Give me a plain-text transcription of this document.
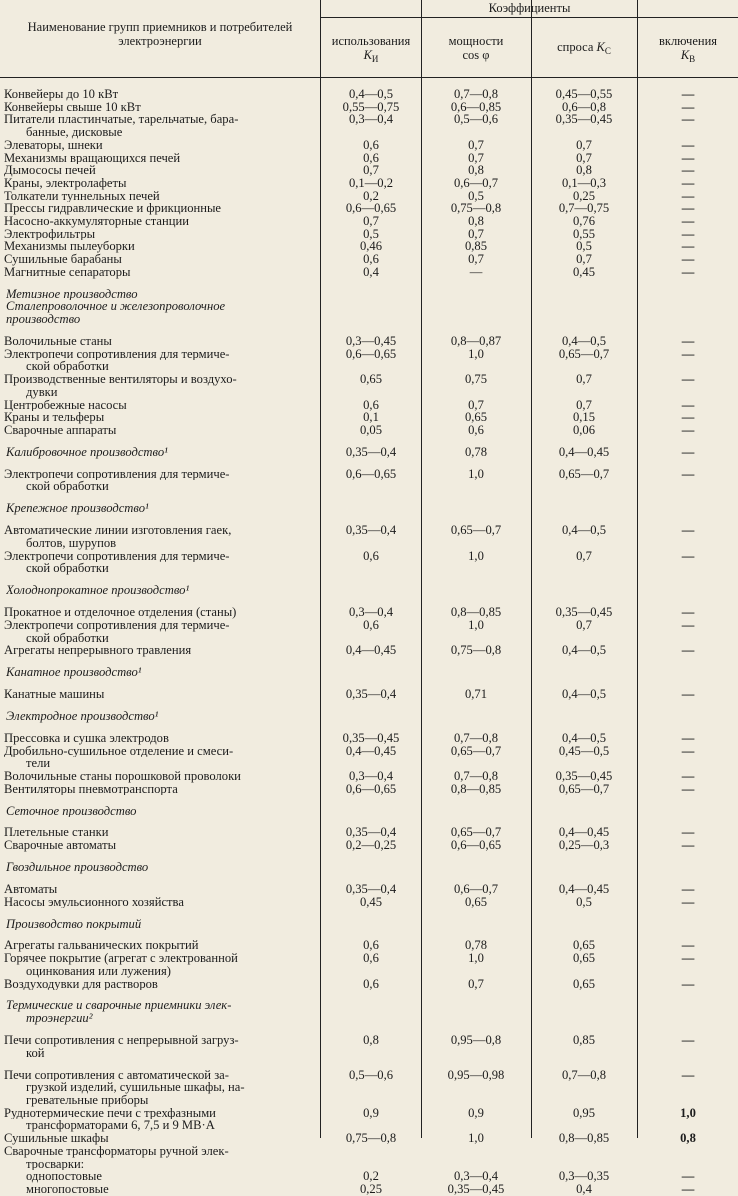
Наименование групп приемников и потребителей электроэнергии
Коэффициенты
использования
$К_И$
мощности
cos φ
спроса $К_С$
включения
$К_В$
Конвейеры до 10 кВт	0,4—0,5	0,7—0,8	0,45—0,55	—
Конвейеры свыше 10 кВт	0,55—0,75	0,6—0,85	0,6—0,8	—
Питатели пластинчатые, тарельчатые, бара-	0,3—0,4	0,5—0,6	0,35—0,45	—
банные, дисковые
Элеваторы, шнеки	0,6	0,7	0,7	—
Механизмы вращающихся печей	0,6	0,7	0,7	—
Дымососы печей	0,7	0,8	0,8	—
Краны, электролафеты	0,1—0,2	0,6—0,7	0,1—0,3	—
Толкатели туннельных печей	0,2	0,5	0,25	—
Прессы гидравлические и фрикционные	0,6—0,65	0,75—0,8	0,7—0,75	—
Насосно-аккумуляторные станции	0,7	0,8	0,76	—
Электрофильтры	0,5	0,7	0,55	—
Механизмы пылеуборки	0,46	0,85	0,5	—
Сушильные барабаны	0,6	0,7	0,7	—
Магнитные сепараторы	0,4	—	0,45	—
Метизное производство
Сталепроволочное и железопроволочное
производство
Волочильные станы	0,3—0,45	0,8—0,87	0,4—0,5	—
Электропечи сопротивления для термиче-	0,6—0,65	1,0	0,65—0,7	—
ской обработки
Производственные вентиляторы и воздухо-	0,65	0,75	0,7	—
дувки
Центробежные насосы	0,6	0,7	0,7	—
Краны и тельферы	0,1	0,65	0,15	—
Сварочные аппараты	0,05	0,6	0,06	—
Калибровочное производство¹	0,35—0,4	0,78	0,4—0,45	—
Электропечи сопротивления для термиче-	0,6—0,65	1,0	0,65—0,7	—
ской обработки
Крепежное производство¹
Автоматические линии изготовления гаек,	0,35—0,4	0,65—0,7	0,4—0,5	—
болтов, шурупов
Электропечи сопротивления для термиче-	0,6	1,0	0,7	—
ской обработки
Холоднопрокатное производство¹
Прокатное и отделочное отделения (станы)	0,3—0,4	0,8—0,85	0,35—0,45	—
Электропечи сопротивления для термиче-	0,6	1,0	0,7	—
ской обработки
Агрегаты непрерывного травления	0,4—0,45	0,75—0,8	0,4—0,5	—
Канатное производство¹
Канатные машины	0,35—0,4	0,71	0,4—0,5	—
Электродное производство¹
Прессовка и сушка электродов	0,35—0,45	0,7—0,8	0,4—0,5	—
Дробильно-сушильное отделение и смеси-	0,4—0,45	0,65—0,7	0,45—0,5	—
тели
Волочильные станы порошковой проволоки	0,3—0,4	0,7—0,8	0,35—0,45	—
Вентиляторы пневмотранспорта	0,6—0,65	0,8—0,85	0,65—0,7	—
Сеточное производство
Плетельные станки	0,35—0,4	0,65—0,7	0,4—0,45	—
Сварочные автоматы	0,2—0,25	0,6—0,65	0,25—0,3	—
Гвоздильное производство
Автоматы	0,35—0,4	0,6—0,7	0,4—0,45	—
Насосы эмульсионного хозяйства	0,45	0,65	0,5	—
Производство покрытий
Агрегаты гальванических покрытий	0,6	0,78	0,65	—
Горячее покрытие (агрегат с электрованной	0,6	1,0	0,65	—
оцинкования или лужения)
Воздуходувки для растворов	0,6	0,7	0,65	—
Термические и сварочные приемники элек-
троэнергии²
Печи сопротивления с непрерывной загруз-	0,8	0,95—0,8	0,85	—
кой
Печи сопротивления с автоматической за-	0,5—0,6	0,95—0,98	0,7—0,8	—
грузкой изделий, сушильные шкафы, на-
гревательные приборы
Руднотермические печи с трехфазными	0,9	0,9	0,95	1,0
трансформаторами 6, 7,5 и 9 МВ·А
Сушильные шкафы	0,75—0,8	1,0	0,8—0,85	0,8
Сварочные трансформаторы ручной элек-
тросварки:
однопостовые	0,2	0,3—0,4	0,3—0,35	—
многопостовые	0,25	0,35—0,45	0,4	—
